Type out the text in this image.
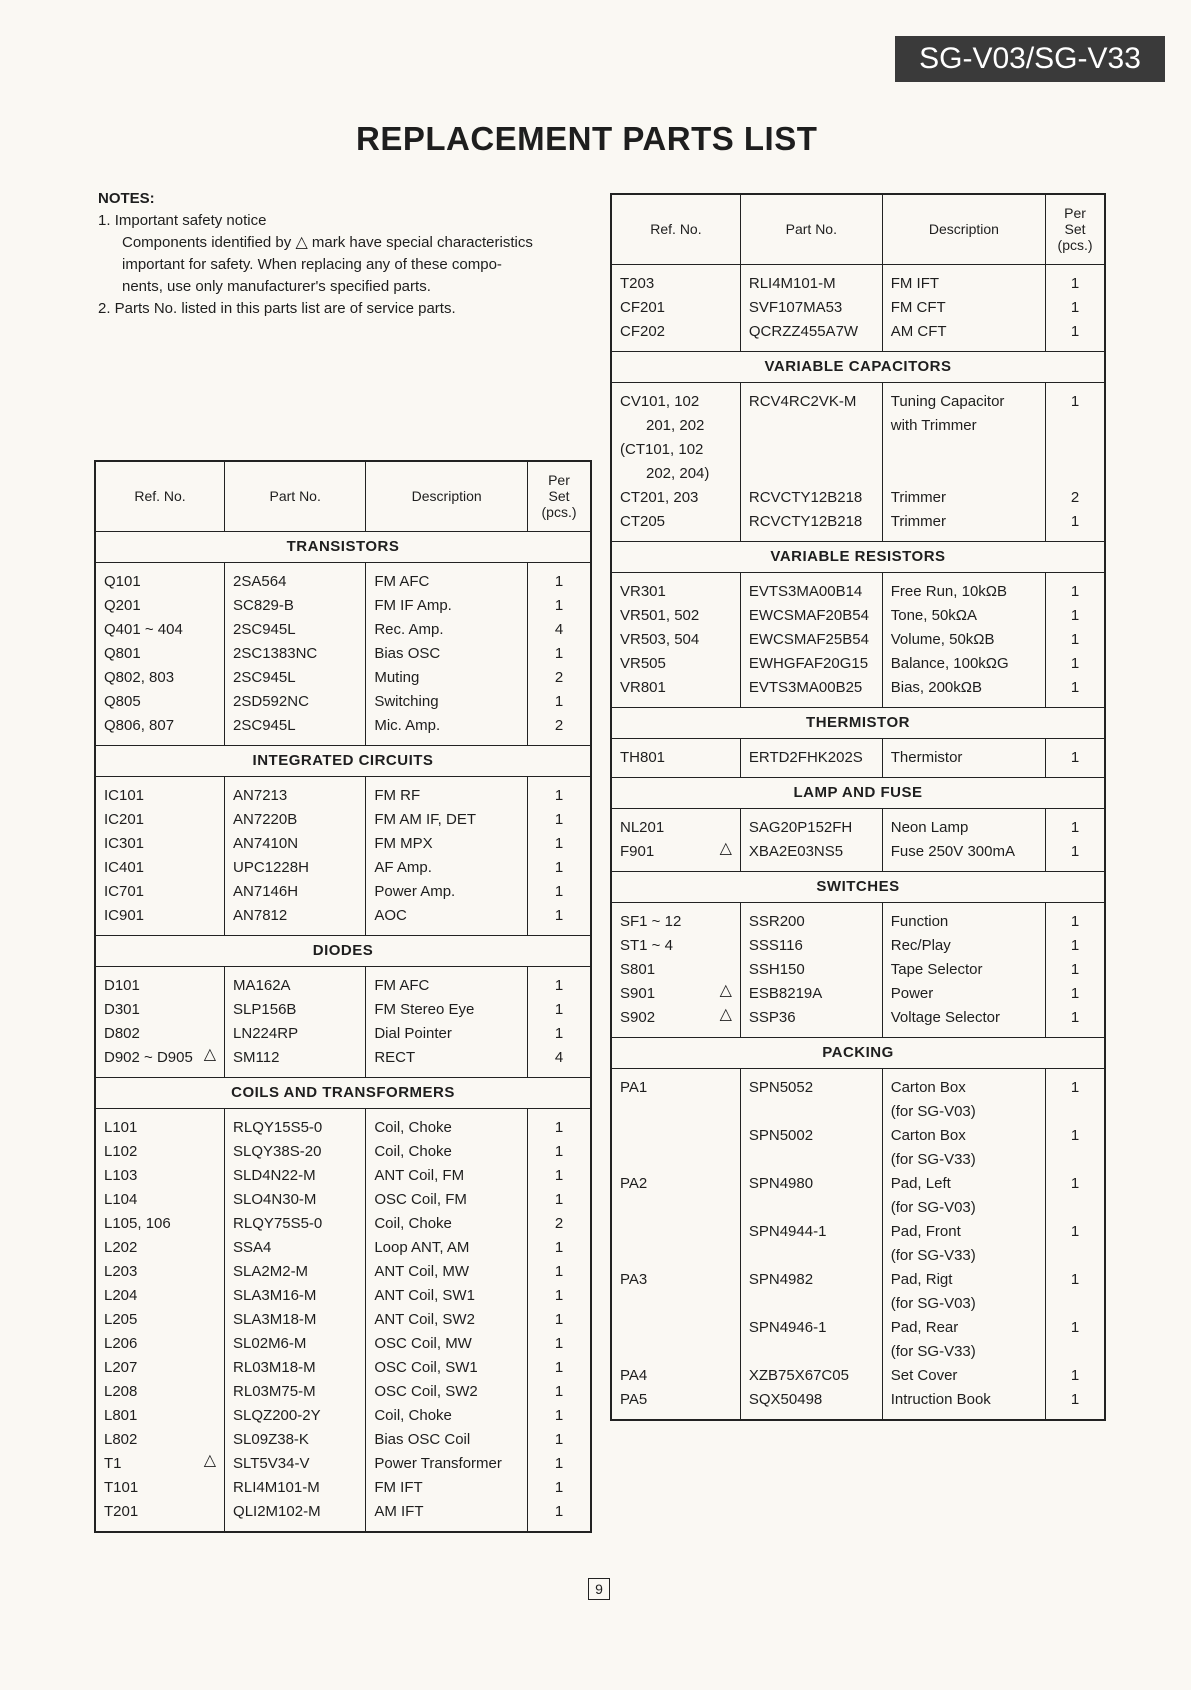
SG-V03/SG-V33
REPLACEMENT PARTS LIST
NOTES:
1. Important safety notice
Components identified by △ mark have special characteristics
important for safety. When replacing any of these compo-
nents, use only manufacturer's specified parts.
2. Parts No. listed in this parts list are of service parts.
Ref. No.	Part No.	Description	Per
Set
(pcs.)

TRANSISTORS			
Q101	2SA564	FM AFC	1
Q201	SC829-B	FM IF Amp.	1
Q401 ~ 404	2SC945L	Rec. Amp.	4
Q801	2SC1383NC	Bias OSC	1
Q802, 803	2SC945L	Muting	2
Q805	2SD592NC	Switching	1
Q806, 807	2SC945L	Mic. Amp.	2
INTEGRATED CIRCUITS			
IC101	AN7213	FM RF	1
IC201	AN7220B	FM AM IF, DET	1
IC301	AN7410N	FM MPX	1
IC401	UPC1228H	AF Amp.	1
IC701	AN7146H	Power Amp.	1
IC901	AN7812	AOC	1
DIODES			
D101	MA162A	FM AFC	1
D301	SLP156B	FM Stereo Eye	1
D802	LN224RP	Dial Pointer	1
D902 ~ D905 △	SM112	RECT	4
COILS AND TRANSFORMERS			
L101	RLQY15S5-0	Coil, Choke	1
L102	SLQY38S-20	Coil, Choke	1
L103	SLD4N22-M	ANT Coil, FM	1
L104	SLO4N30-M	OSC Coil, FM	1
L105, 106	RLQY75S5-0	Coil, Choke	2
L202	SSA4	Loop ANT, AM	1
L203	SLA2M2-M	ANT Coil, MW	1
L204	SLA3M16-M	ANT Coil, SW1	1
L205	SLA3M18-M	ANT Coil, SW2	1
L206	SL02M6-M	OSC Coil, MW	1
L207	RL03M18-M	OSC Coil, SW1	1
L208	RL03M75-M	OSC Coil, SW2	1
L801	SLQZ200-2Y	Coil, Choke	1
L802	SL09Z38-K	Bias OSC Coil	1
T1 △	SLT5V34-V	Power Transformer	1
T101	RLI4M101-M	FM IFT	1
T201	QLI2M102-M	AM IFT	1
Ref. No.	Part No.	Description	Per
Set
(pcs.)

T203	RLI4M101-M	FM IFT	1
CF201	SVF107MA53	FM CFT	1
CF202	QCRZZ455A7W	AM CFT	1
VARIABLE CAPACITORS			
CV101, 102	RCV4RC2VK-M	Tuning Capacitor	1
201, 202		with Trimmer	
(CT101, 102			
202, 204)			
CT201, 203	RCVCTY12B218	Trimmer	2
CT205	RCVCTY12B218	Trimmer	1
VARIABLE RESISTORS			
VR301	EVTS3MA00B14	Free Run, 10kΩB	1
VR501, 502	EWCSMAF20B54	Tone, 50kΩA	1
VR503, 504	EWCSMAF25B54	Volume, 50kΩB	1
VR505	EWHGFAF20G15	Balance, 100kΩG	1
VR801	EVTS3MA00B25	Bias, 200kΩB	1
THERMISTOR			
TH801	ERTD2FHK202S	Thermistor	1
LAMP AND FUSE			
NL201	SAG20P152FH	Neon Lamp	1
F901 △	XBA2E03NS5	Fuse 250V 300mA	1
SWITCHES			
SF1 ~ 12	SSR200	Function	1
ST1 ~ 4	SSS116	Rec/Play	1
S801	SSH150	Tape Selector	1
S901 △	ESB8219A	Power	1
S902 △	SSP36	Voltage Selector	1
PACKING			
PA1	SPN5052	Carton Box	1
		(for SG-V03)	
	SPN5002	Carton Box	1
		(for SG-V33)	
PA2	SPN4980	Pad, Left	1
		(for SG-V03)	
	SPN4944-1	Pad, Front	1
		(for SG-V33)	
PA3	SPN4982	Pad, Rigt	1
		(for SG-V03)	
	SPN4946-1	Pad, Rear	1
		(for SG-V33)	
PA4	XZB75X67C05	Set Cover	1
PA5	SQX50498	Intruction Book	1
9
